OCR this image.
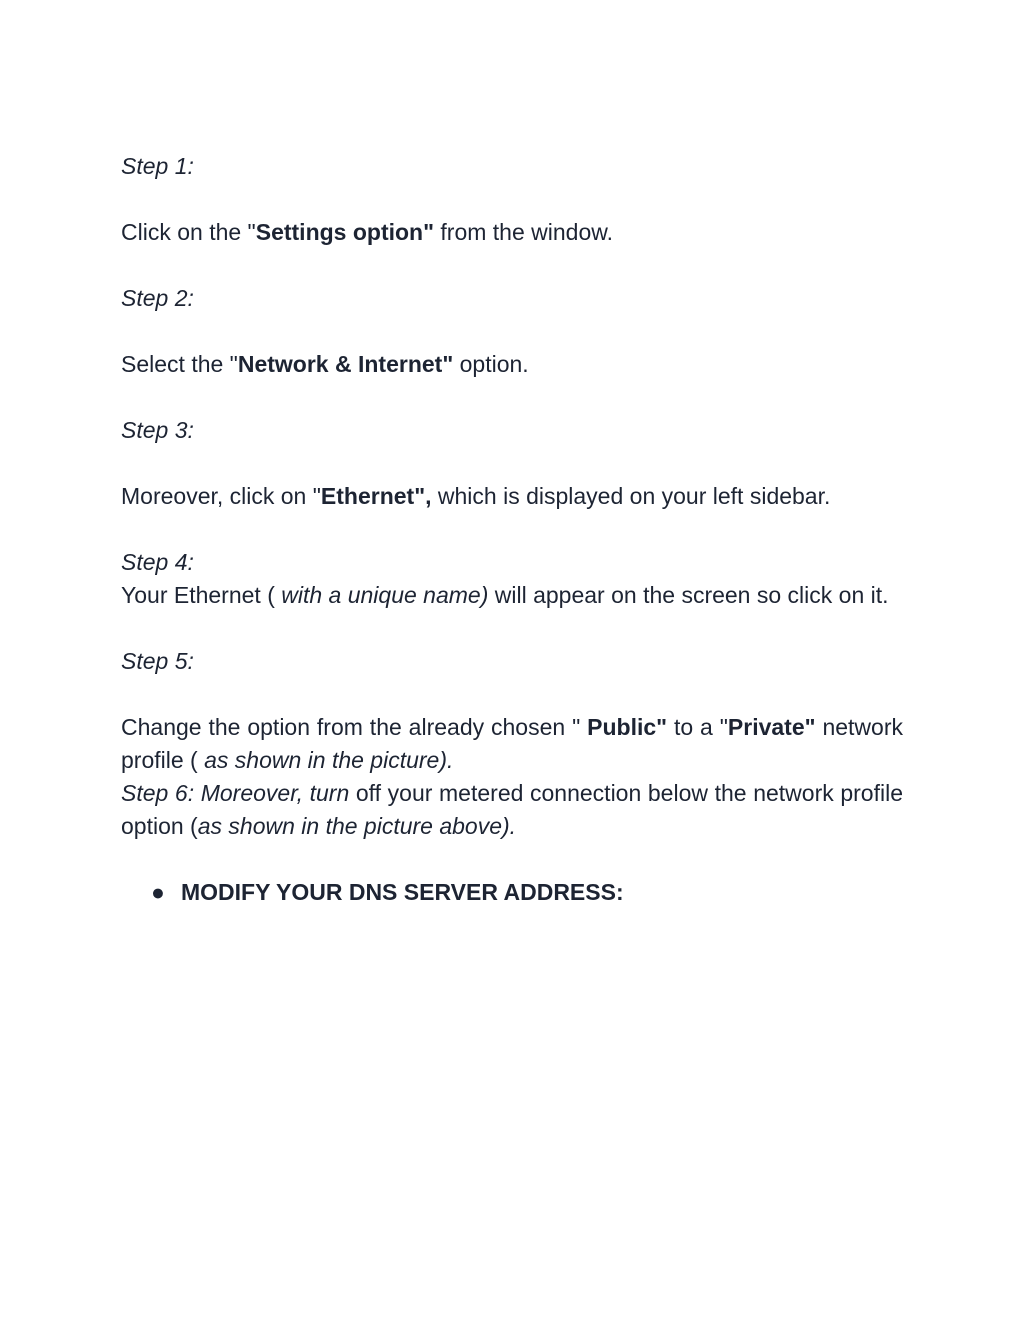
Step 1:

Click on the "Settings option" from the window.

Step 2:

Select the "Network & Internet" option.

Step 3:

Moreover, click on "Ethernet", which is displayed on your left sidebar.

Step 4:

Your Ethernet ( with a unique name) will appear on the screen so click on it.

Step 5:

Change the option from the already chosen " Public" to a "Private" network profile ( as shown in the picture).

Step 6: Moreover, turn off your metered connection below the network profile option (as shown in the picture above).

● MODIFY YOUR DNS SERVER ADDRESS:
